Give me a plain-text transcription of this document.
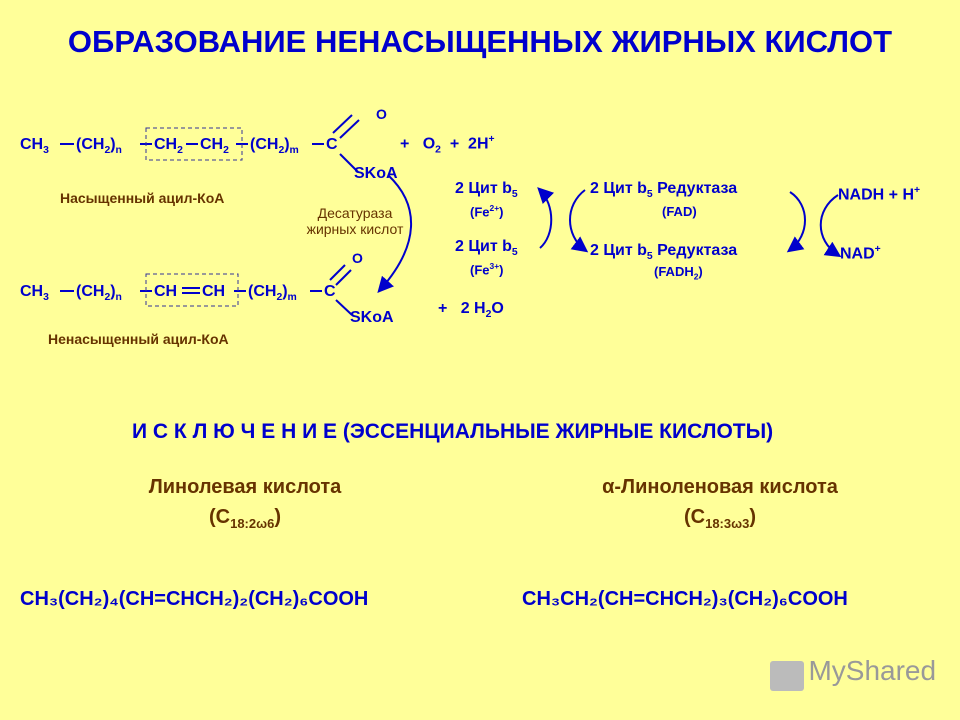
ОБРАЗОВАНИЕ НЕНАСЫЩЕННЫХ ЖИРНЫХ КИСЛОТ
$CH_3$ $(CH_2)_n$ $CH_2$ $CH_2$ $(CH_2)_m$ C
O
SKoA
Насыщенный ацил-КоА
+ $O_2 + 2H^+$
Десатураза
жирных кислот
$CH_3$ $(CH_2)_n$ CH CH $(CH_2)_m$ C
O
SKoA
Ненасыщенный ацил-КоА
+ 2 $H_2O$
2 Цит $b_5$
$(Fe^{2+})$
2 Цит $b_5$
$(Fe^{3+})$
2 Цит $b_5$ Редуктаза
(FAD)
2 Цит $b_5$ Редуктаза
$(FADH_2)$
NADH + H+
NAD+
И С К Л Ю Ч Е Н И Е (ЭССЕНЦИАЛЬНЫЕ ЖИРНЫЕ КИСЛОТЫ)
Линолевая кислота
$(C_{18:2\omega 6})$
CH₃(CH₂)₄(CH=CHCH₂)₂(CH₂)₆COOH
α-Линоленовая кислота
$(C_{18:3\omega 3})$
CH₃CH₂(CH=CHCH₂)₃(CH₂)₆COOH
MyShared
